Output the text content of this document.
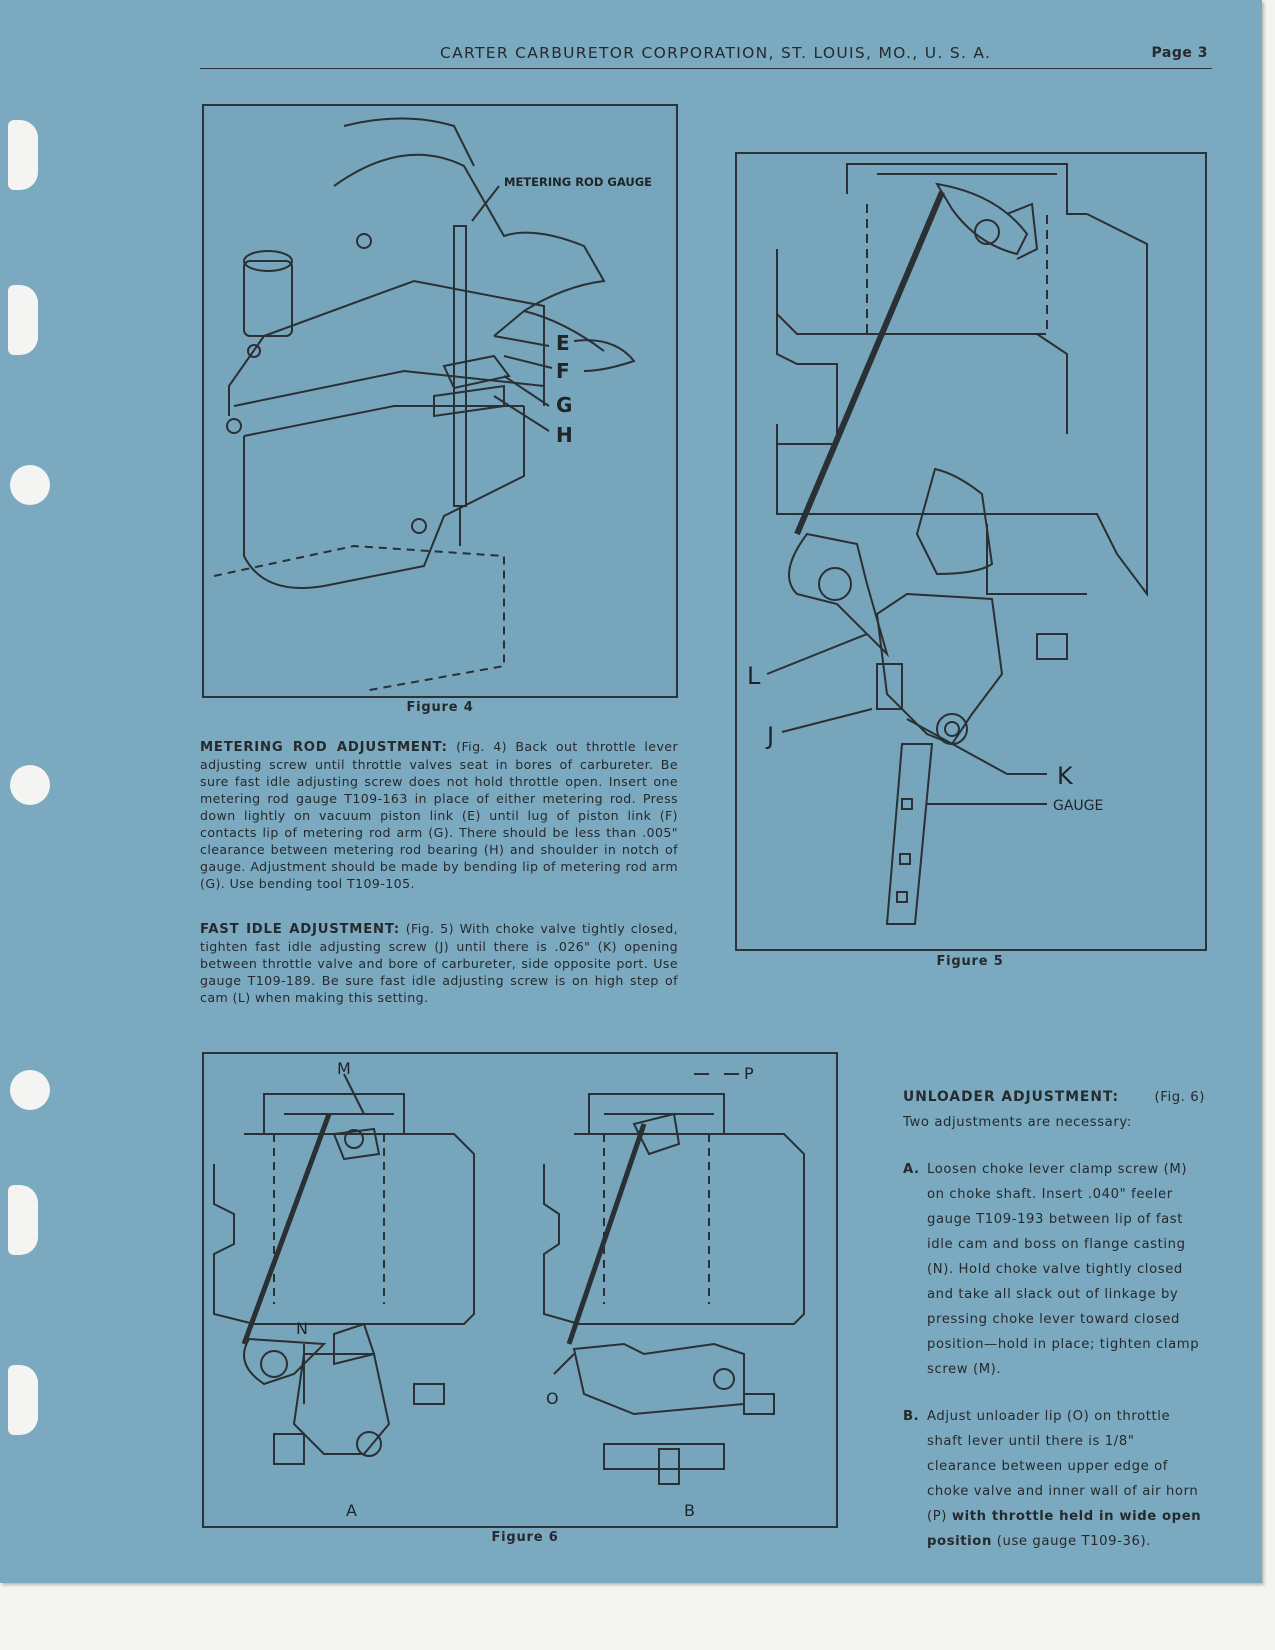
CARTER CARBURETOR CORPORATION, ST. LOUIS, MO., U. S. A.	Page 3
METERING ROD GAUGE
E
F
G
H
Figure 4
L
J
K
GAUGE
Figure 5
METERING ROD ADJUSTMENT: (Fig. 4) Back out throttle lever adjusting screw until throttle valves seat in bores of carbureter. Be sure fast idle adjusting screw does not hold throttle open. Insert one metering rod gauge T109-163 in place of either metering rod. Press down lightly on vacuum piston link (E) until lug of piston link (F) contacts lip of metering rod arm (G). There should be less than .005" clearance between metering rod bearing (H) and shoulder in notch of gauge. Adjustment should be made by bending lip of metering rod arm (G). Use bending tool T109-105.
FAST IDLE ADJUSTMENT: (Fig. 5) With choke valve tightly closed, tighten fast idle adjusting screw (J) until there is .026" (K) opening between throttle valve and bore of carbureter, side opposite port. Use gauge T109-189. Be sure fast idle adjusting screw is on high step of cam (L) when making this setting.
M
N
O
P
A	B
Figure 6
UNLOADER ADJUSTMENT:	(Fig. 6)
Two adjustments are necessary:
A. Loosen choke lever clamp screw (M) on choke shaft. Insert .040" feeler gauge T109-193 between lip of fast idle cam and boss on flange casting (N). Hold choke valve tightly closed and take all slack out of linkage by pressing choke lever toward closed position—hold in place; tighten clamp screw (M).
B. Adjust unloader lip (O) on throttle shaft lever until there is 1/8" clearance between upper edge of choke valve and inner wall of air horn (P) with throttle held in wide open position (use gauge T109-36).
